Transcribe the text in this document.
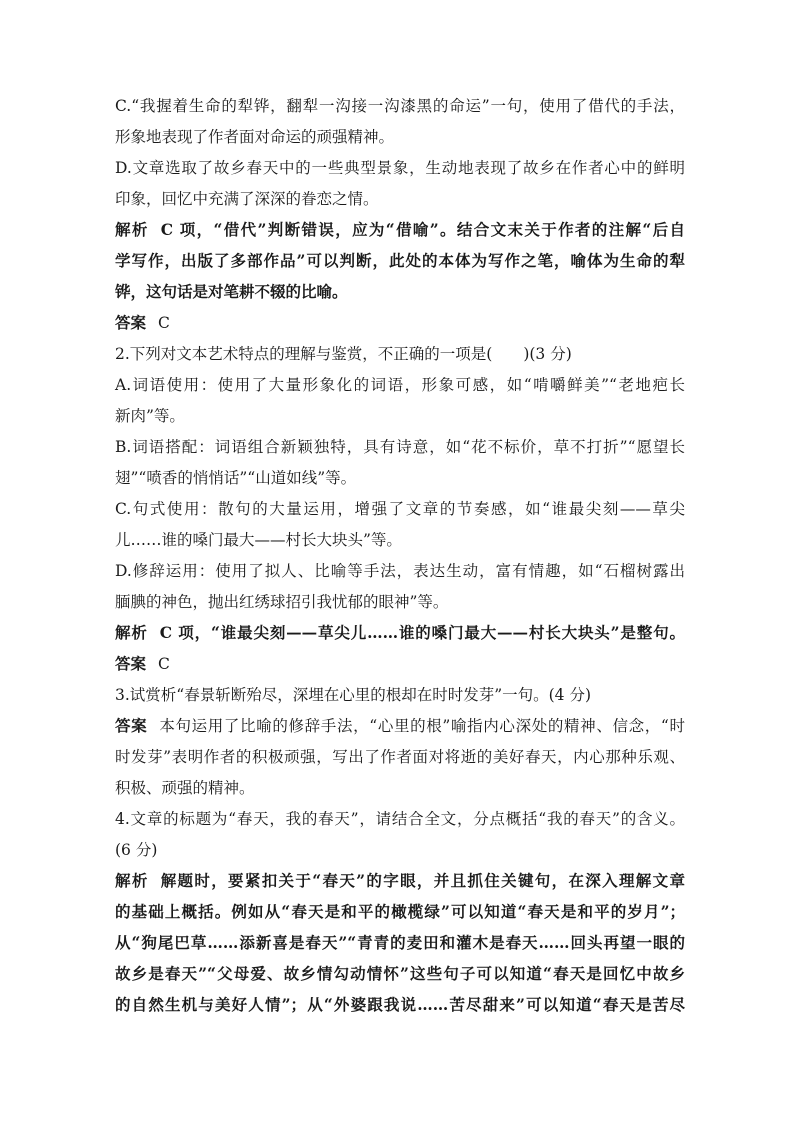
C.“我握着生命的犁铧，翻犁一沟接一沟漆黑的命运”一句，使用了借代的手法，
形象地表现了作者面对命运的顽强精神。
D.文章选取了故乡春天中的一些典型景象，生动地表现了故乡在作者心中的鲜明
印象，回忆中充满了深深的眷恋之情。
解析 C 项，“借代”判断错误，应为“借喻”。结合文末关于作者的注解“后自
学写作，出版了多部作品”可以判断，此处的本体为写作之笔，喻体为生命的犁
铧，这句话是对笔耕不辍的比喻。
答案 C
2.下列对文本艺术特点的理解与鉴赏，不正确的一项是(　　)(3 分)
A.词语使用：使用了大量形象化的词语，形象可感，如“啃嚼鲜美”“老地疤长
新肉”等。
B.词语搭配：词语组合新颖独特，具有诗意，如“花不标价，草不打折”“愿望长
翅”“喷香的悄悄话”“山道如线”等。
C.句式使用：散句的大量运用，增强了文章的节奏感，如“谁最尖刻——草尖
儿……谁的嗓门最大——村长大块头”等。
D.修辞运用：使用了拟人、比喻等手法，表达生动，富有情趣，如“石榴树露出
腼腆的神色，抛出红绣球招引我忧郁的眼神”等。
解析 C 项，“谁最尖刻——草尖儿……谁的嗓门最大——村长大块头”是整句。
答案 C
3.试赏析“春景斩断殆尽，深埋在心里的根却在时时发芽”一句。(4 分)
答案 本句运用了比喻的修辞手法，“心里的根”喻指内心深处的精神、信念，“时
时发芽”表明作者的积极顽强，写出了作者面对将逝的美好春天，内心那种乐观、
积极、顽强的精神。
4.文章的标题为“春天，我的春天”，请结合全文，分点概括“我的春天”的含义。
(6 分)
解析 解题时，要紧扣关于“春天”的字眼，并且抓住关键句，在深入理解文章
的基础上概括。例如从“春天是和平的橄榄绿”可以知道“春天是和平的岁月”；
从“狗尾巴草……添新喜是春天”“青青的麦田和灌木是春天……回头再望一眼的
故乡是春天”“父母爱、故乡情勾动情怀”这些句子可以知道“春天是回忆中故乡
的自然生机与美好人情”；从“外婆跟我说……苦尽甜来”可以知道“春天是苦尽
